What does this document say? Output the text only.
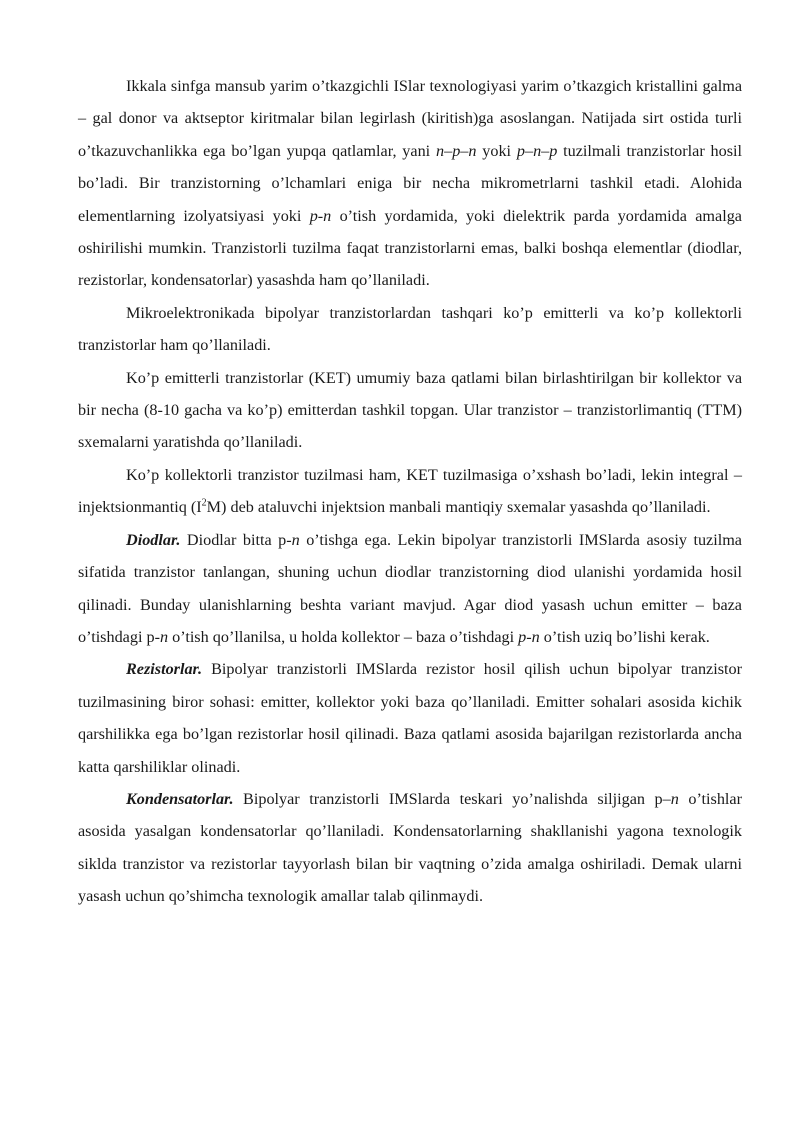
Ikkala sinfga mansub yarim o’tkazgichli ISlar texnologiyasi yarim o’tkazgich kristallini galma – gal donor va aktseptor kiritmalar bilan legirlash (kiritish)ga asoslangan. Natijada sirt ostida turli o’tkazuvchanlikka ega bo’lgan yupqa qatlamlar, yani n–p–n yoki p–n–p tuzilmali tranzistorlar hosil bo’ladi. Bir tranzistorning o’lchamlari eniga bir necha mikrometrlarni tashkil etadi. Alohida elementlarning izolyatsiyasi yoki p-n o’tish yordamida, yoki dielektrik parda yordamida amalga oshirilishi mumkin. Tranzistorli tuzilma faqat tranzistorlarni emas, balki boshqa elementlar (diodlar, rezistorlar, kondensatorlar) yasashda ham qo’llaniladi.

Mikroelektronikada bipolyar tranzistorlardan tashqari ko’p emitterli va ko’p kollektorli tranzistorlar ham qo’llaniladi.

Ko’p emitterli tranzistorlar (KET) umumiy baza qatlami bilan birlashtirilgan bir kollektor va bir necha (8-10 gacha va ko’p) emitterdan tashkil topgan. Ular tranzistor – tranzistorlimantiq (TTM) sxemalarni yaratishda qo’llaniladi.

Ko’p kollektorli tranzistor tuzilmasi ham, KET tuzilmasiga o’xshash bo’ladi, lekin integral – injektsionmantiq $(I^2M)$ deb ataluvchi injektsion manbali mantiqiy sxemalar yasashda qo’llaniladi.

Diodlar. Diodlar bitta p-n o’tishga ega. Lekin bipolyar tranzistorli IMSlarda asosiy tuzilma sifatida tranzistor tanlangan, shuning uchun diodlar tranzistorning diod ulanishi yordamida hosil qilinadi. Bunday ulanishlarning beshta variant mavjud. Agar diod yasash uchun emitter – baza o’tishdagi p-n o’tish qo’llanilsa, u holda kollektor – baza o’tishdagi p-n o’tish uziq bo’lishi kerak.

Rezistorlar. Bipolyar tranzistorli IMSlarda rezistor hosil qilish uchun bipolyar tranzistor tuzilmasining biror sohasi: emitter, kollektor yoki baza qo’llaniladi. Emitter sohalari asosida kichik qarshilikka ega bo’lgan rezistorlar hosil qilinadi. Baza qatlami asosida bajarilgan rezistorlarda ancha katta qarshiliklar olinadi.

Kondensatorlar. Bipolyar tranzistorli IMSlarda teskari yo’nalishda siljigan p–n o’tishlar asosida yasalgan kondensatorlar qo’llaniladi. Kondensatorlarning shakllanishi yagona texnologik siklda tranzistor va rezistorlar tayyorlash bilan bir vaqtning o’zida amalga oshiriladi. Demak ularni yasash uchun qo’shimcha texnologik amallar talab qilinmaydi.
